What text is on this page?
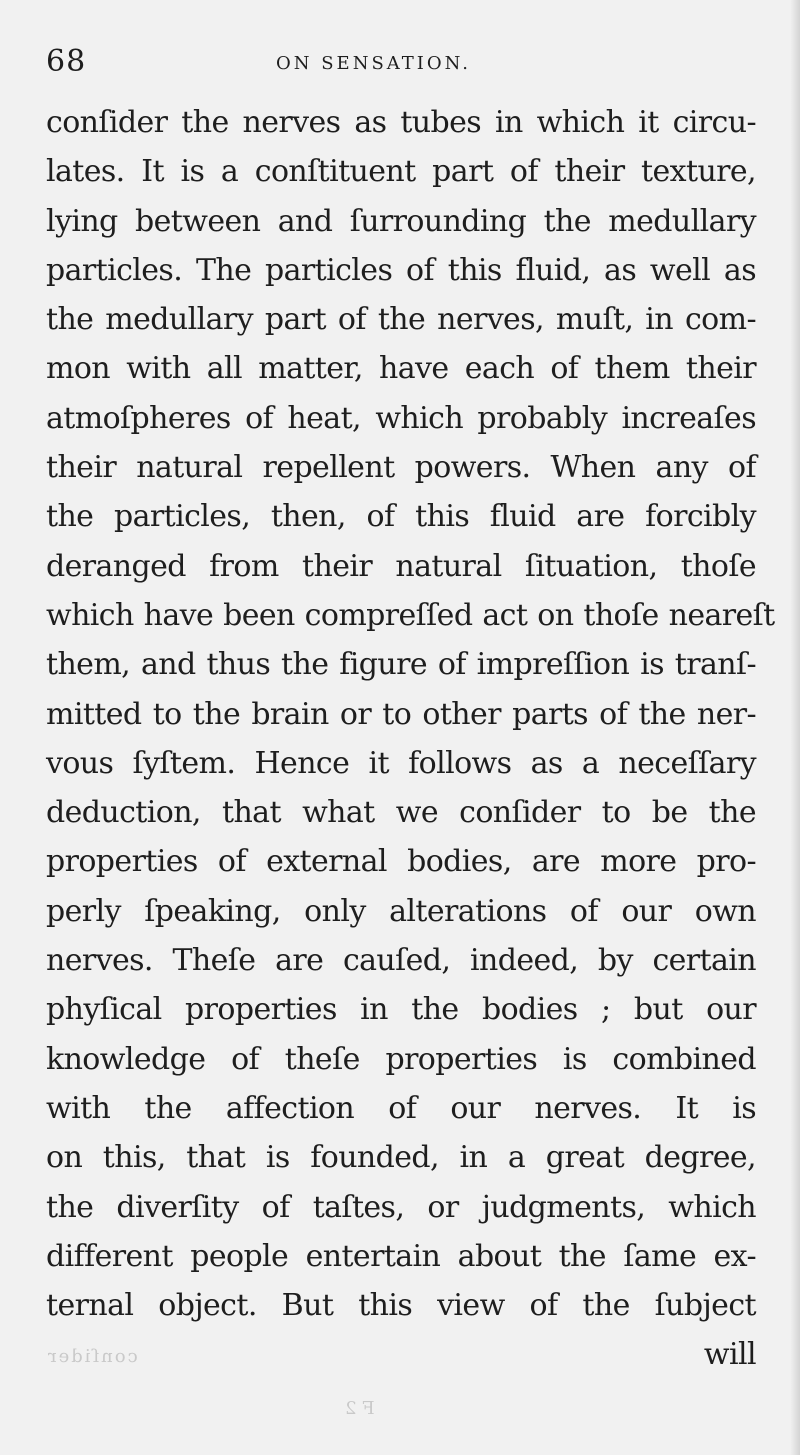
68	ON SENSATION.
conſider the nerves as tubes in which it circu-
lates. It is a conſtituent part of their texture,
lying between and ſurrounding the medullary
particles. The particles of this fluid, as well as
the medullary part of the nerves, muſt, in com-
mon with all matter, have each of them their
atmoſpheres of heat, which probably increaſes
their natural repellent powers. When any of
the particles, then, of this fluid are forcibly
deranged from their natural ſituation, thoſe
which have been compreſſed act on thoſe neareſt
them, and thus the figure of impreſſion is tranſ-
mitted to the brain or to other parts of the ner-
vous ſyſtem. Hence it follows as a neceſſary
deduction, that what we conſider to be the
properties of external bodies, are more pro-
perly ſpeaking, only alterations of our own
nerves. Theſe are cauſed, indeed, by certain
phyſical properties in the bodies ; but our
knowledge of theſe properties is combined
with the affection of our nerves. It is
on this, that is founded, in a great degree,
the diverſity of taſtes, or judgments, which
different people entertain about the ſame ex-
ternal object. But this view of the ſubject
will
conſider
F 2
